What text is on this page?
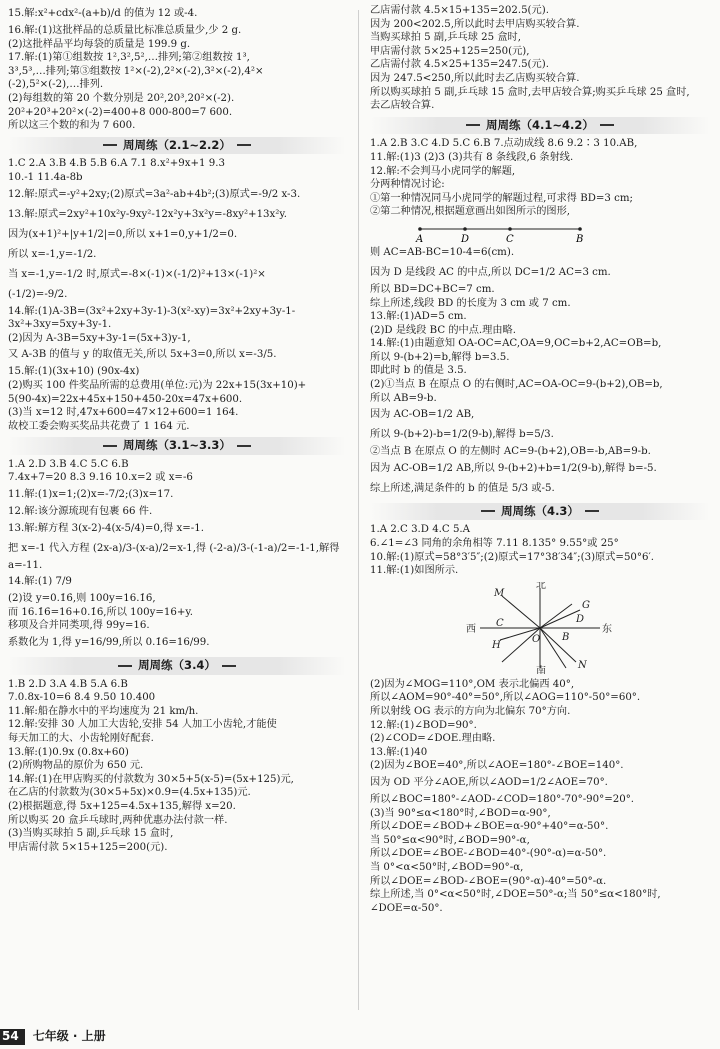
15.解:x²+cdx²-(a+b)/d 的值为 12 或-4.
16.解:(1)这批样品的总质量比标准总质量少,少 2 g.
(2)这批样品平均每袋的质量是 199.9 g.
17.解:(1)第①组数按 1²,3²,5²,…排列;第②组数按 1³,
3³,5³,…排列;第③组数按 1²×(-2),2²×(-2),3²×(-2),4²×
(-2),5²×(-2),…排列.
(2)每组数的第 20 个数分别是 20²,20³,20²×(-2).
20²+20³+20²×(-2)=400+8 000-800=7 600.
所以这三个数的和为 7 600.
周周练（2.1~2.2）
1.C 2.A 3.B 4.B 5.B 6.A 7.1 8.x²+9x+1 9.3
10.-1 11.4a-8b
12.解:原式=-y²+2xy;(2)原式=3a²-ab+4b²;(3)原式=-9/2 x-3.
13.解:原式=2xy²+10x²y-9xy²-12x²y+3x²y=-8xy²+13x²y.
因为(x+1)²+|y+1/2|=0,所以 x+1=0,y+1/2=0.
所以 x=-1,y=-1/2.
当 x=-1,y=-1/2 时,原式=-8×(-1)×(-1/2)²+13×(-1)²×
(-1/2)=-9/2.
14.解:(1)A-3B=(3x²+2xy+3y-1)-3(x²-xy)=3x²+2xy+3y-1-
3x²+3xy=5xy+3y-1.
(2)因为 A-3B=5xy+3y-1=(5x+3)y-1,
又 A-3B 的值与 y 的取值无关,所以 5x+3=0,所以 x=-3/5.
15.解:(1)(3x+10) (90x-4x)
(2)购买 100 件奖品所需的总费用(单位:元)为 22x+15(3x+10)+
5(90-4x)=22x+45x+150+450-20x=47x+600.
(3)当 x=12 时,47x+600=47×12+600=1 164.
故校工委会购买奖品共花费了 1 164 元.
周周练（3.1~3.3）
1.A 2.D 3.B 4.C 5.C 6.B
7.4x+7=20 8.3 9.16 10.x=2 或 x=-6
11.解:(1)x=1;(2)x=-7/2;(3)x=17.
12.解:该分源琉现有包裹 66 件.
13.解:解方程 3(x-2)-4(x-5/4)=0,得 x=-1.
把 x=-1 代入方程 (2x-a)/3-(x-a)/2=x-1,得 (-2-a)/3-(-1-a)/2=-1-1,解得
a=-11.
14.解:(1) 7/9
(2)设 y=0.1̇6̇,则 100y=16.1̇6̇,
而 16.1̇6̇=16+0.1̇6̇,所以 100y=16+y.
移项及合并同类项,得 99y=16.
系数化为 1,得 y=16/99,所以 0.1̇6̇=16/99.
周周练（3.4）
1.B 2.D 3.A 4.B 5.A 6.B
7.0.8x-10=6 8.4 9.50 10.400
11.解:船在静水中的平均速度为 21 km/h.
12.解:安排 30 人加工大齿轮,安排 54 人加工小齿轮,才能使
每天加工的大、小齿轮刚好配套.
13.解:(1)0.9x (0.8x+60)
(2)所购物品的原价为 650 元.
14.解:(1)在甲店购买的付款数为 30×5+5(x-5)=(5x+125)元,
在乙店的付款数为(30×5+5x)×0.9=(4.5x+135)元.
(2)根据题意,得 5x+125=4.5x+135,解得 x=20.
所以购买 20 盒乒乓球时,两种优惠办法付款一样.
(3)当购买球拍 5 副,乒乓球 15 盒时,
甲店需付款 5×15+125=200(元).
乙店需付款 4.5×15+135=202.5(元).
因为 200<202.5,所以此时去甲店购买较合算.
当购买球拍 5 副,乒乓球 25 盒时,
甲店需付款 5×25+125=250(元),
乙店需付款 4.5×25+135=247.5(元).
因为 247.5<250,所以此时去乙店购买较合算.
所以购买球拍 5 副,乒乓球 15 盒时,去甲店较合算;购买乒乓球 25 盒时,
去乙店较合算.
周周练（4.1~4.2）
1.A 2.B 3.C 4.D 5.C 6.B 7.点动成线 8.6 9.2∶3 10.AB,
11.解:(1)3 (2)3 (3)共有 8 条线段,6 条射线.
12.解:不会判马小虎同学的解题,
分两种情况讨论:
①第一种情况同马小虎同学的解题过程,可求得 BD=3 cm;
②第二种情况,根据题意画出如图所示的图形,
A	D	C	B
则 AC=AB-BC=10-4=6(cm).
因为 D 是线段 AC 的中点,所以 DC=1/2 AC=3 cm.
所以 BD=DC+BC=7 cm.
综上所述,线段 BD 的长度为 3 cm 或 7 cm.
13.解:(1)AD=5 cm.
(2)D 是线段 BC 的中点.理由略.
14.解:(1)由题意知 OA-OC=AC,OA=9,OC=b+2,AC=OB=b,
所以 9-(b+2)=b,解得 b=3.5.
即此时 b 的值是 3.5.
(2)①当点 B 在原点 O 的右侧时,AC=OA-OC=9-(b+2),OB=b,
所以 AB=9-b.
因为 AC-OB=1/2 AB,
所以 9-(b+2)-b=1/2(9-b),解得 b=5/3.
②当点 B 在原点 O 的左侧时 AC=9-(b+2),OB=-b,AB=9-b.
因为 AC-OB=1/2 AB,所以 9-(b+2)+b=1/2(9-b),解得 b=-5.
综上所述,满足条件的 b 的值是 5/3 或-5.
周周练（4.3）
1.A 2.C 3.D 4.C 5.A
6.∠1=∠3 同角的余角相等 7.11 8.135° 9.55°或 25°
10.解:(1)原式=58°3′5″;(2)原式=17°38′34″;(3)原式=50°6′.
11.解:(1)如图所示.
北
南
西	东
M
C
G
D
H
B
N
O
(2)因为∠MOG=110°,OM 表示北偏西 40°,
所以∠AOM=90°-40°=50°,所以∠AOG=110°-50°=60°.
所以射线 OG 表示的方向为北偏东 70°方向.
12.解:(1)∠BOD=90°.
(2)∠COD=∠DOE.理由略.
13.解:(1)40
(2)因为∠BOE=40°,所以∠AOE=180°-∠BOE=140°.
因为 OD 平分∠AOE,所以∠AOD=1/2∠AOE=70°.
所以∠BOC=180°-∠AOD-∠COD=180°-70°-90°=20°.
(3)当 90°≤α<180°时,∠BOD=α-90°,
所以∠DOE=∠BOD+∠BOE=α-90°+40°=α-50°.
当 50°≤α<90°时,∠BOD=90°-α,
所以∠DOE=∠BOE-∠BOD=40°-(90°-α)=α-50°.
当 0°<α<50°时,∠BOD=90°-α,
所以∠DOE=∠BOD-∠BOE=(90°-α)-40°=50°-α.
综上所述,当 0°<α<50°时,∠DOE=50°-α;当 50°≤α<180°时,
∠DOE=α-50°.
54 七年级 · 上册
